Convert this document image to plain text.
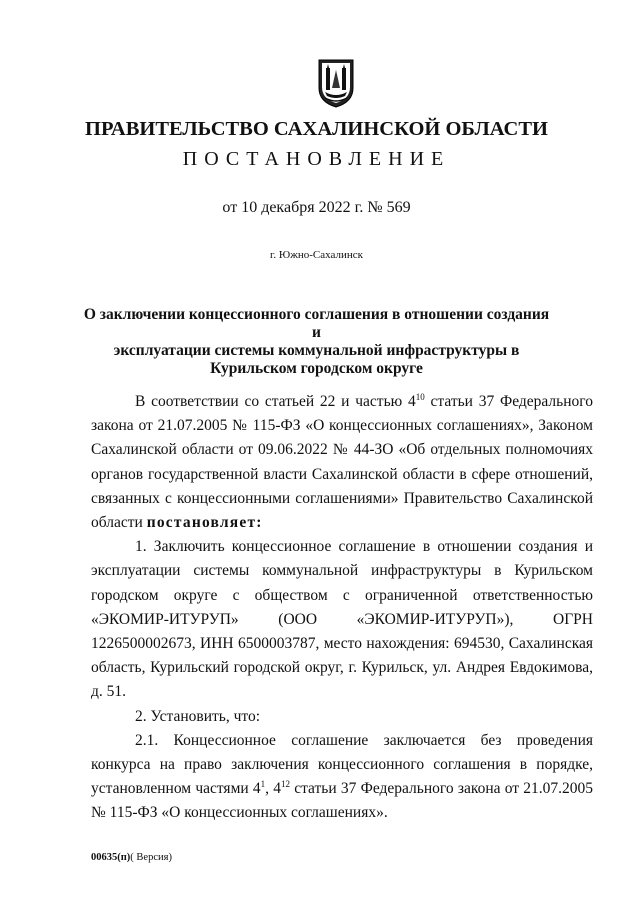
ПРАВИТЕЛЬСТВО САХАЛИНСКОЙ ОБЛАСТИ
ПОСТАНОВЛЕНИЕ
от 10 декабря 2022 г. № 569
г. Южно-Сахалинск
О заключении концессионного соглашения в отношении создания и
эксплуатации системы коммунальной инфраструктуры в
Курильском городском округе

В соответствии со статьей 22 и частью $4^{10}$ статьи 37 Федерального закона от 21.07.2005 № 115-ФЗ «О концессионных соглашениях», Законом Сахалинской области от 09.06.2022 № 44-ЗО «Об отдельных полномочиях органов государственной власти Сахалинской области в сфере отношений, связанных с концессионными соглашениями» Правительство Сахалинской области постановляет:

1. Заключить концессионное соглашение в отношении создания и эксплуатации системы коммунальной инфраструктуры в Курильском городском округе с обществом с ограниченной ответственностью «ЭКОМИР-ИТУРУП» (ООО «ЭКОМИР-ИТУРУП»), ОГРН 1226500002673, ИНН 6500003787, место нахождения: 694530, Сахалинская область, Курильский городской округ, г. Курильск, ул. Андрея Евдокимова, д. 51.

2. Установить, что:

2.1. Концессионное соглашение заключается без проведения конкурса на право заключения концессионного соглашения в порядке, установленном частями $4^1$, $4^{12}$ статьи 37 Федерального закона от 21.07.2005 № 115-ФЗ «О концессионных соглашениях».

00635(п)( Версия)
